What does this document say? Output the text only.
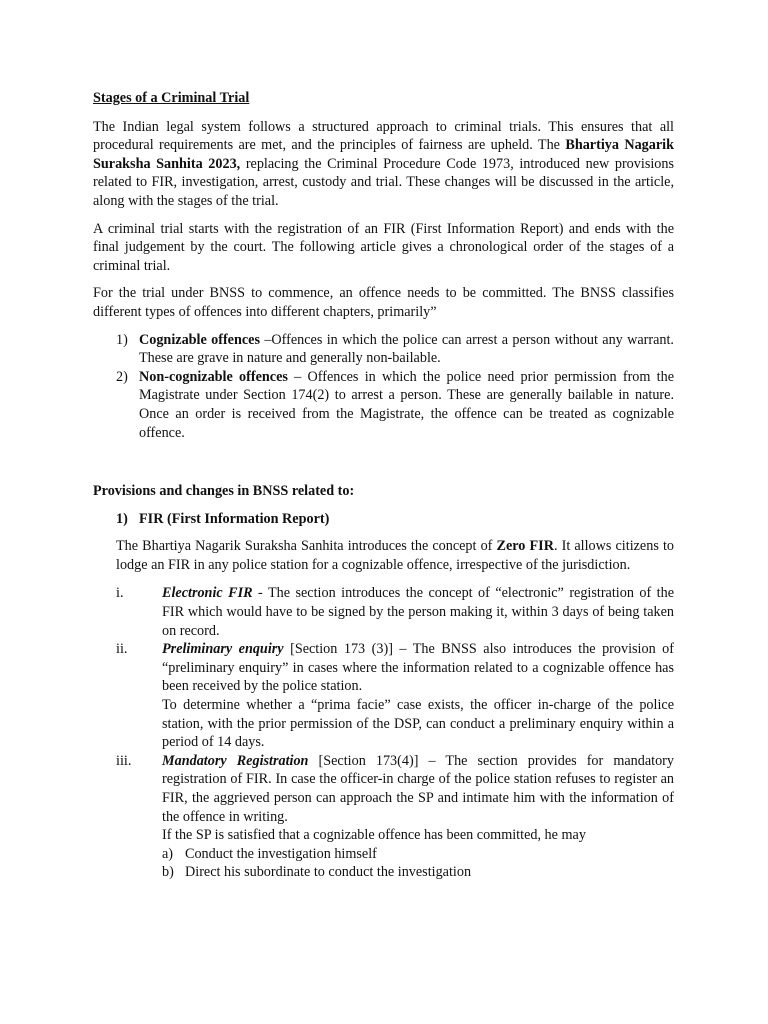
Stages of a Criminal Trial

The Indian legal system follows a structured approach to criminal trials. This ensures that all procedural requirements are met, and the principles of fairness are upheld. The Bhartiya Nagarik Suraksha Sanhita 2023, replacing the Criminal Procedure Code 1973, introduced new provisions related to FIR, investigation, arrest, custody and trial. These changes will be discussed in the article, along with the stages of the trial.

A criminal trial starts with the registration of an FIR (First Information Report) and ends with the final judgement by the court. The following article gives a chronological order of the stages of a criminal trial.

For the trial under BNSS to commence, an offence needs to be committed. The BNSS classifies different types of offences into different chapters, primarily”

1) Cognizable offences –Offences in which the police can arrest a person without any warrant. These are grave in nature and generally non-bailable.
2) Non-cognizable offences – Offences in which the police need prior permission from the Magistrate under Section 174(2) to arrest a person. These are generally bailable in nature. Once an order is received from the Magistrate, the offence can be treated as cognizable offence.

Provisions and changes in BNSS related to:

1) FIR (First Information Report)

The Bhartiya Nagarik Suraksha Sanhita introduces the concept of Zero FIR. It allows citizens to lodge an FIR in any police station for a cognizable offence, irrespective of the jurisdiction.

i.	Electronic FIR - The section introduces the concept of “electronic” registration of the FIR which would have to be signed by the person making it, within 3 days of being taken on record.
ii. Preliminary enquiry [Section 173 (3)] – The BNSS also introduces the provision of “preliminary enquiry” in cases where the information related to a cognizable offence has been received by the police station.
To determine whether a “prima facie” case exists, the officer in-charge of the police station, with the prior permission of the DSP, can conduct a preliminary enquiry within a period of 14 days.
iii. Mandatory Registration [Section 173(4)] – The section provides for mandatory registration of FIR. In case the officer-in charge of the police station refuses to register an FIR, the aggrieved person can approach the SP and intimate him with the information of the offence in writing.
If the SP is satisfied that a cognizable offence has been committed, he may
a) Conduct the investigation himself
b) Direct his subordinate to conduct the investigation
